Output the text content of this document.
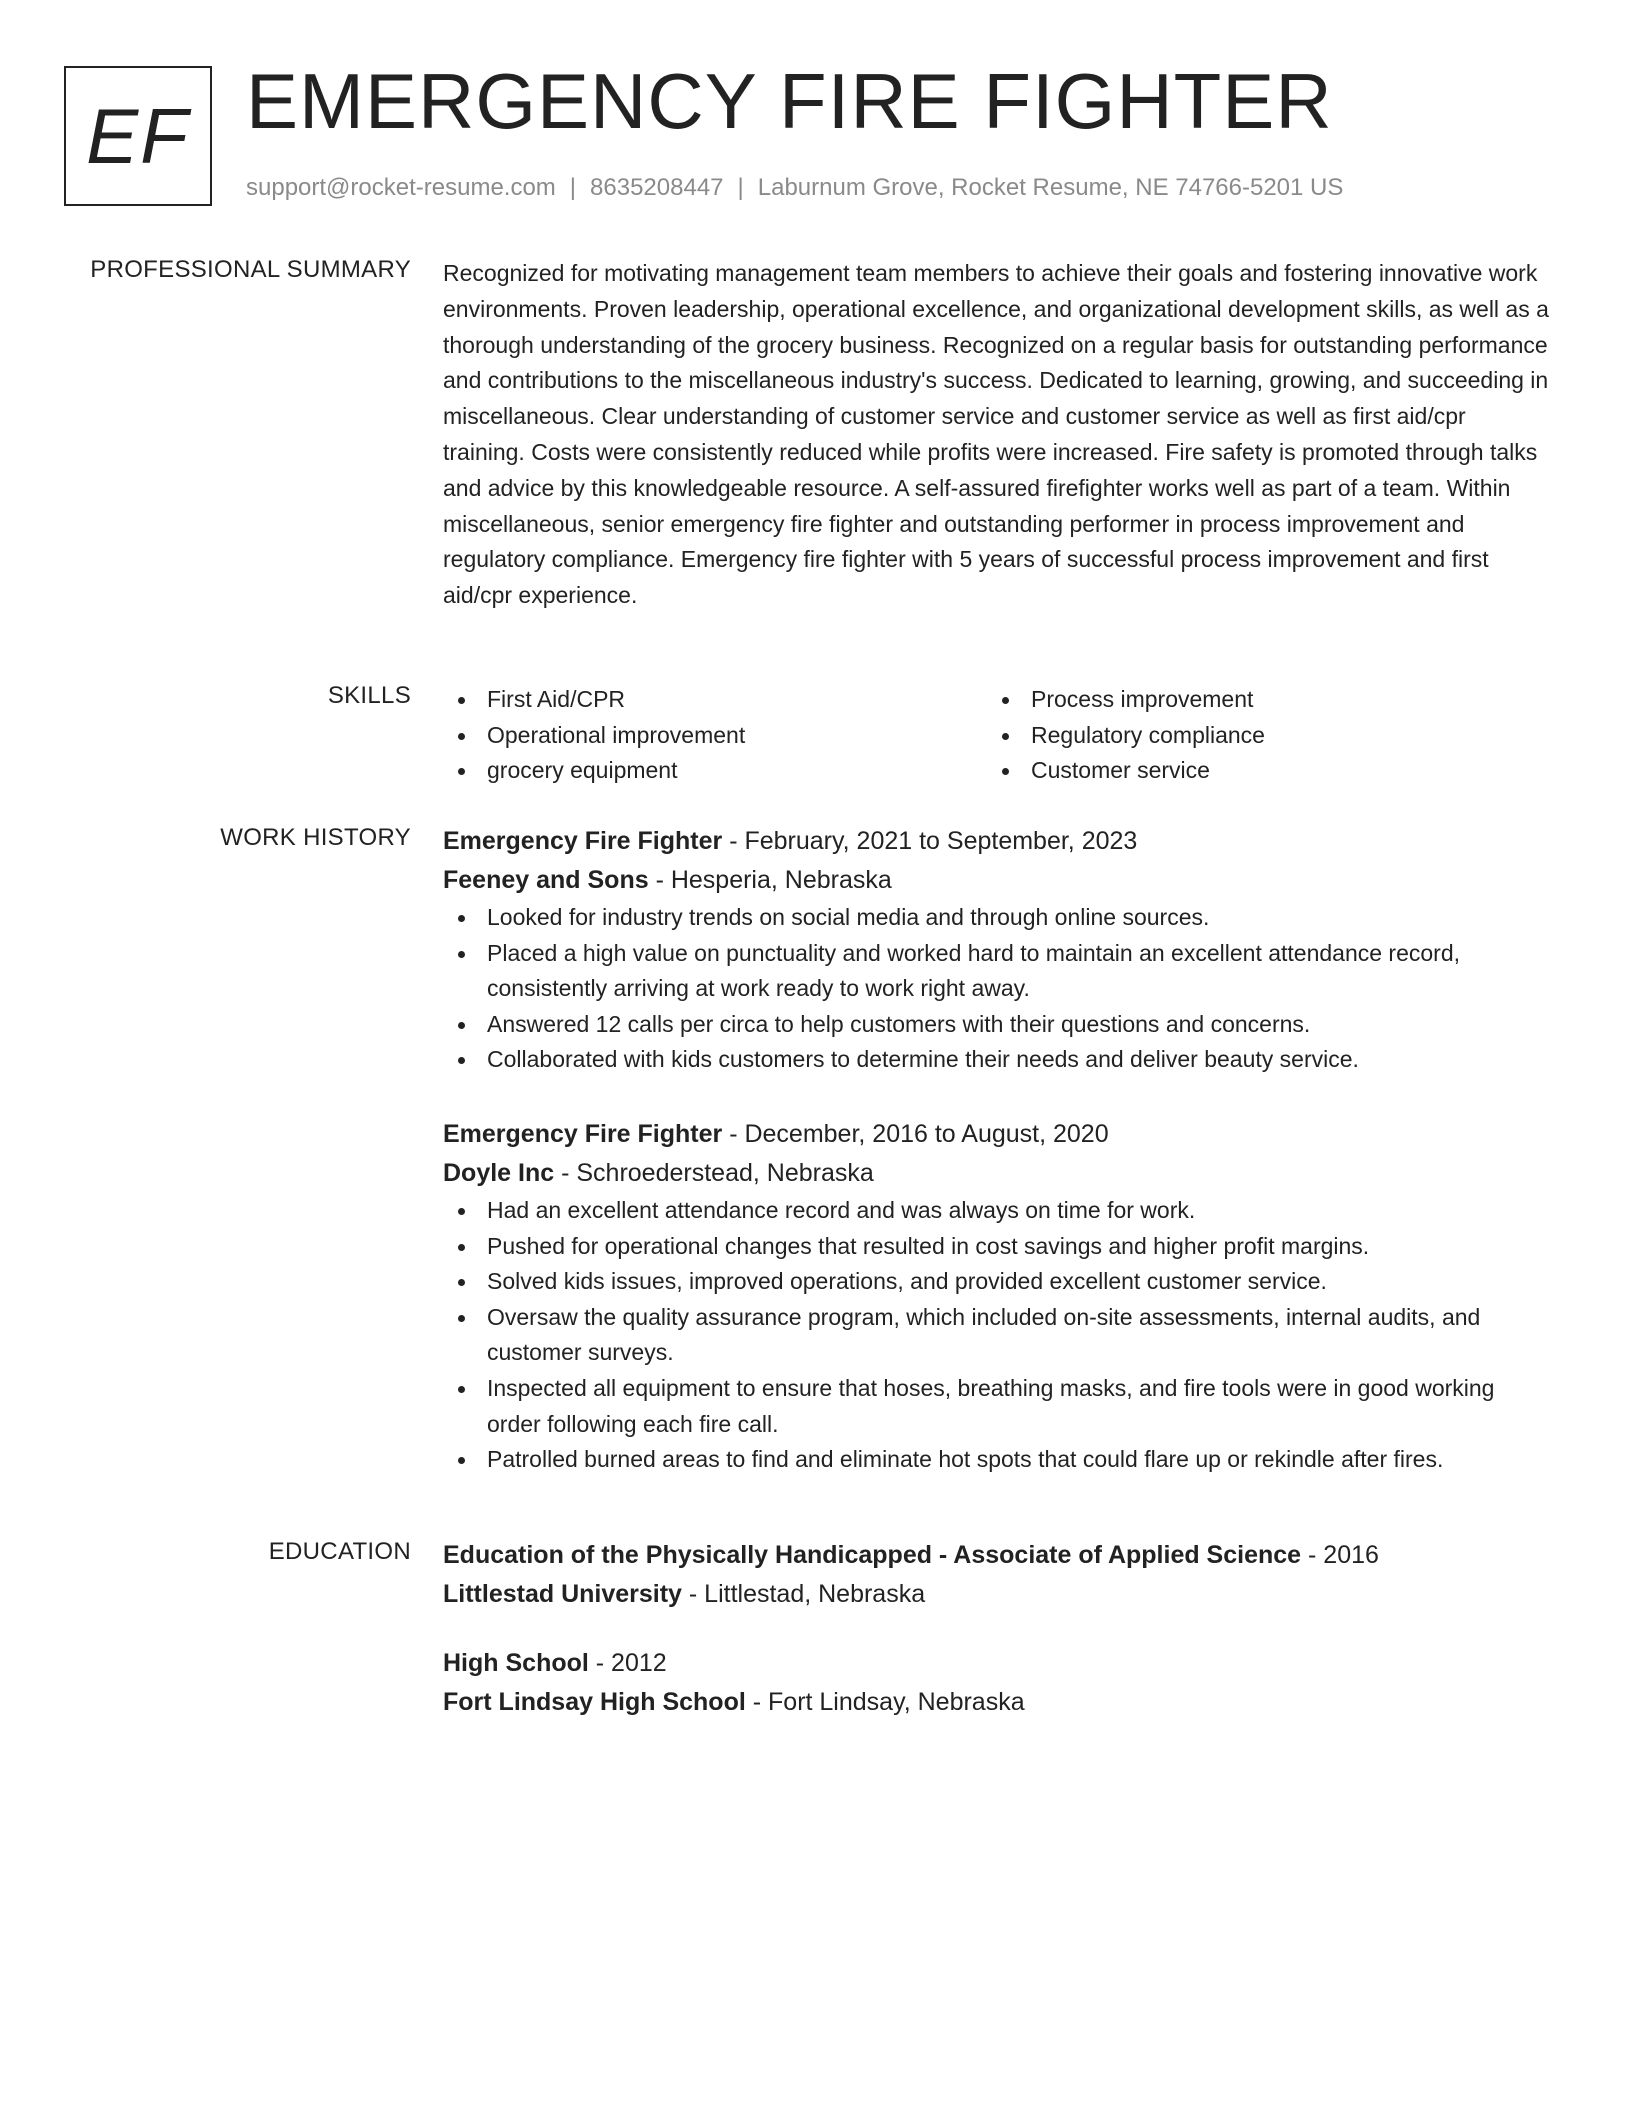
EF EMERGENCY FIRE FIGHTER
support@rocket-resume.com | 8635208447 | Laburnum Grove, Rocket Resume, NE 74766-5201 US
PROFESSIONAL SUMMARY Recognized for motivating management team members to achieve their goals and fostering innovative work environments. Proven leadership, operational excellence, and organizational development skills, as well as a thorough understanding of the grocery business. Recognized on a regular basis for outstanding performance and contributions to the miscellaneous industry's success. Dedicated to learning, growing, and succeeding in miscellaneous. Clear understanding of customer service and customer service as well as first aid/cpr training. Costs were consistently reduced while profits were increased. Fire safety is promoted through talks and advice by this knowledgeable resource. A self-assured firefighter works well as part of a team. Within miscellaneous, senior emergency fire fighter and outstanding performer in process improvement and regulatory compliance. Emergency fire fighter with 5 years of successful process improvement and first aid/cpr experience.

SKILLS	First Aid/CPR
Operational improvement
grocery equipment
Process improvement
Regulatory compliance
Customer service
WORK HISTORY Emergency Fire Fighter - February, 2021 to September, 2023
Feeney and Sons - Hesperia, Nebraska
Looked for industry trends on social media and through online sources.
Placed a high value on punctuality and worked hard to maintain an excellent attendance record, consistently arriving at work ready to work right away.
Answered 12 calls per circa to help customers with their questions and concerns.
Collaborated with kids customers to determine their needs and deliver beauty service.
Emergency Fire Fighter - December, 2016 to August, 2020
Doyle Inc - Schroederstead, Nebraska
Had an excellent attendance record and was always on time for work.
Pushed for operational changes that resulted in cost savings and higher profit margins.
Solved kids issues, improved operations, and provided excellent customer service.
Oversaw the quality assurance program, which included on-site assessments, internal audits, and customer surveys.
Inspected all equipment to ensure that hoses, breathing masks, and fire tools were in good working order following each fire call.
Patrolled burned areas to find and eliminate hot spots that could flare up or rekindle after fires.
EDUCATION Education of the Physically Handicapped - Associate of Applied Science - 2016
Littlestad University - Littlestad, Nebraska
High School - 2012
Fort Lindsay High School - Fort Lindsay, Nebraska
